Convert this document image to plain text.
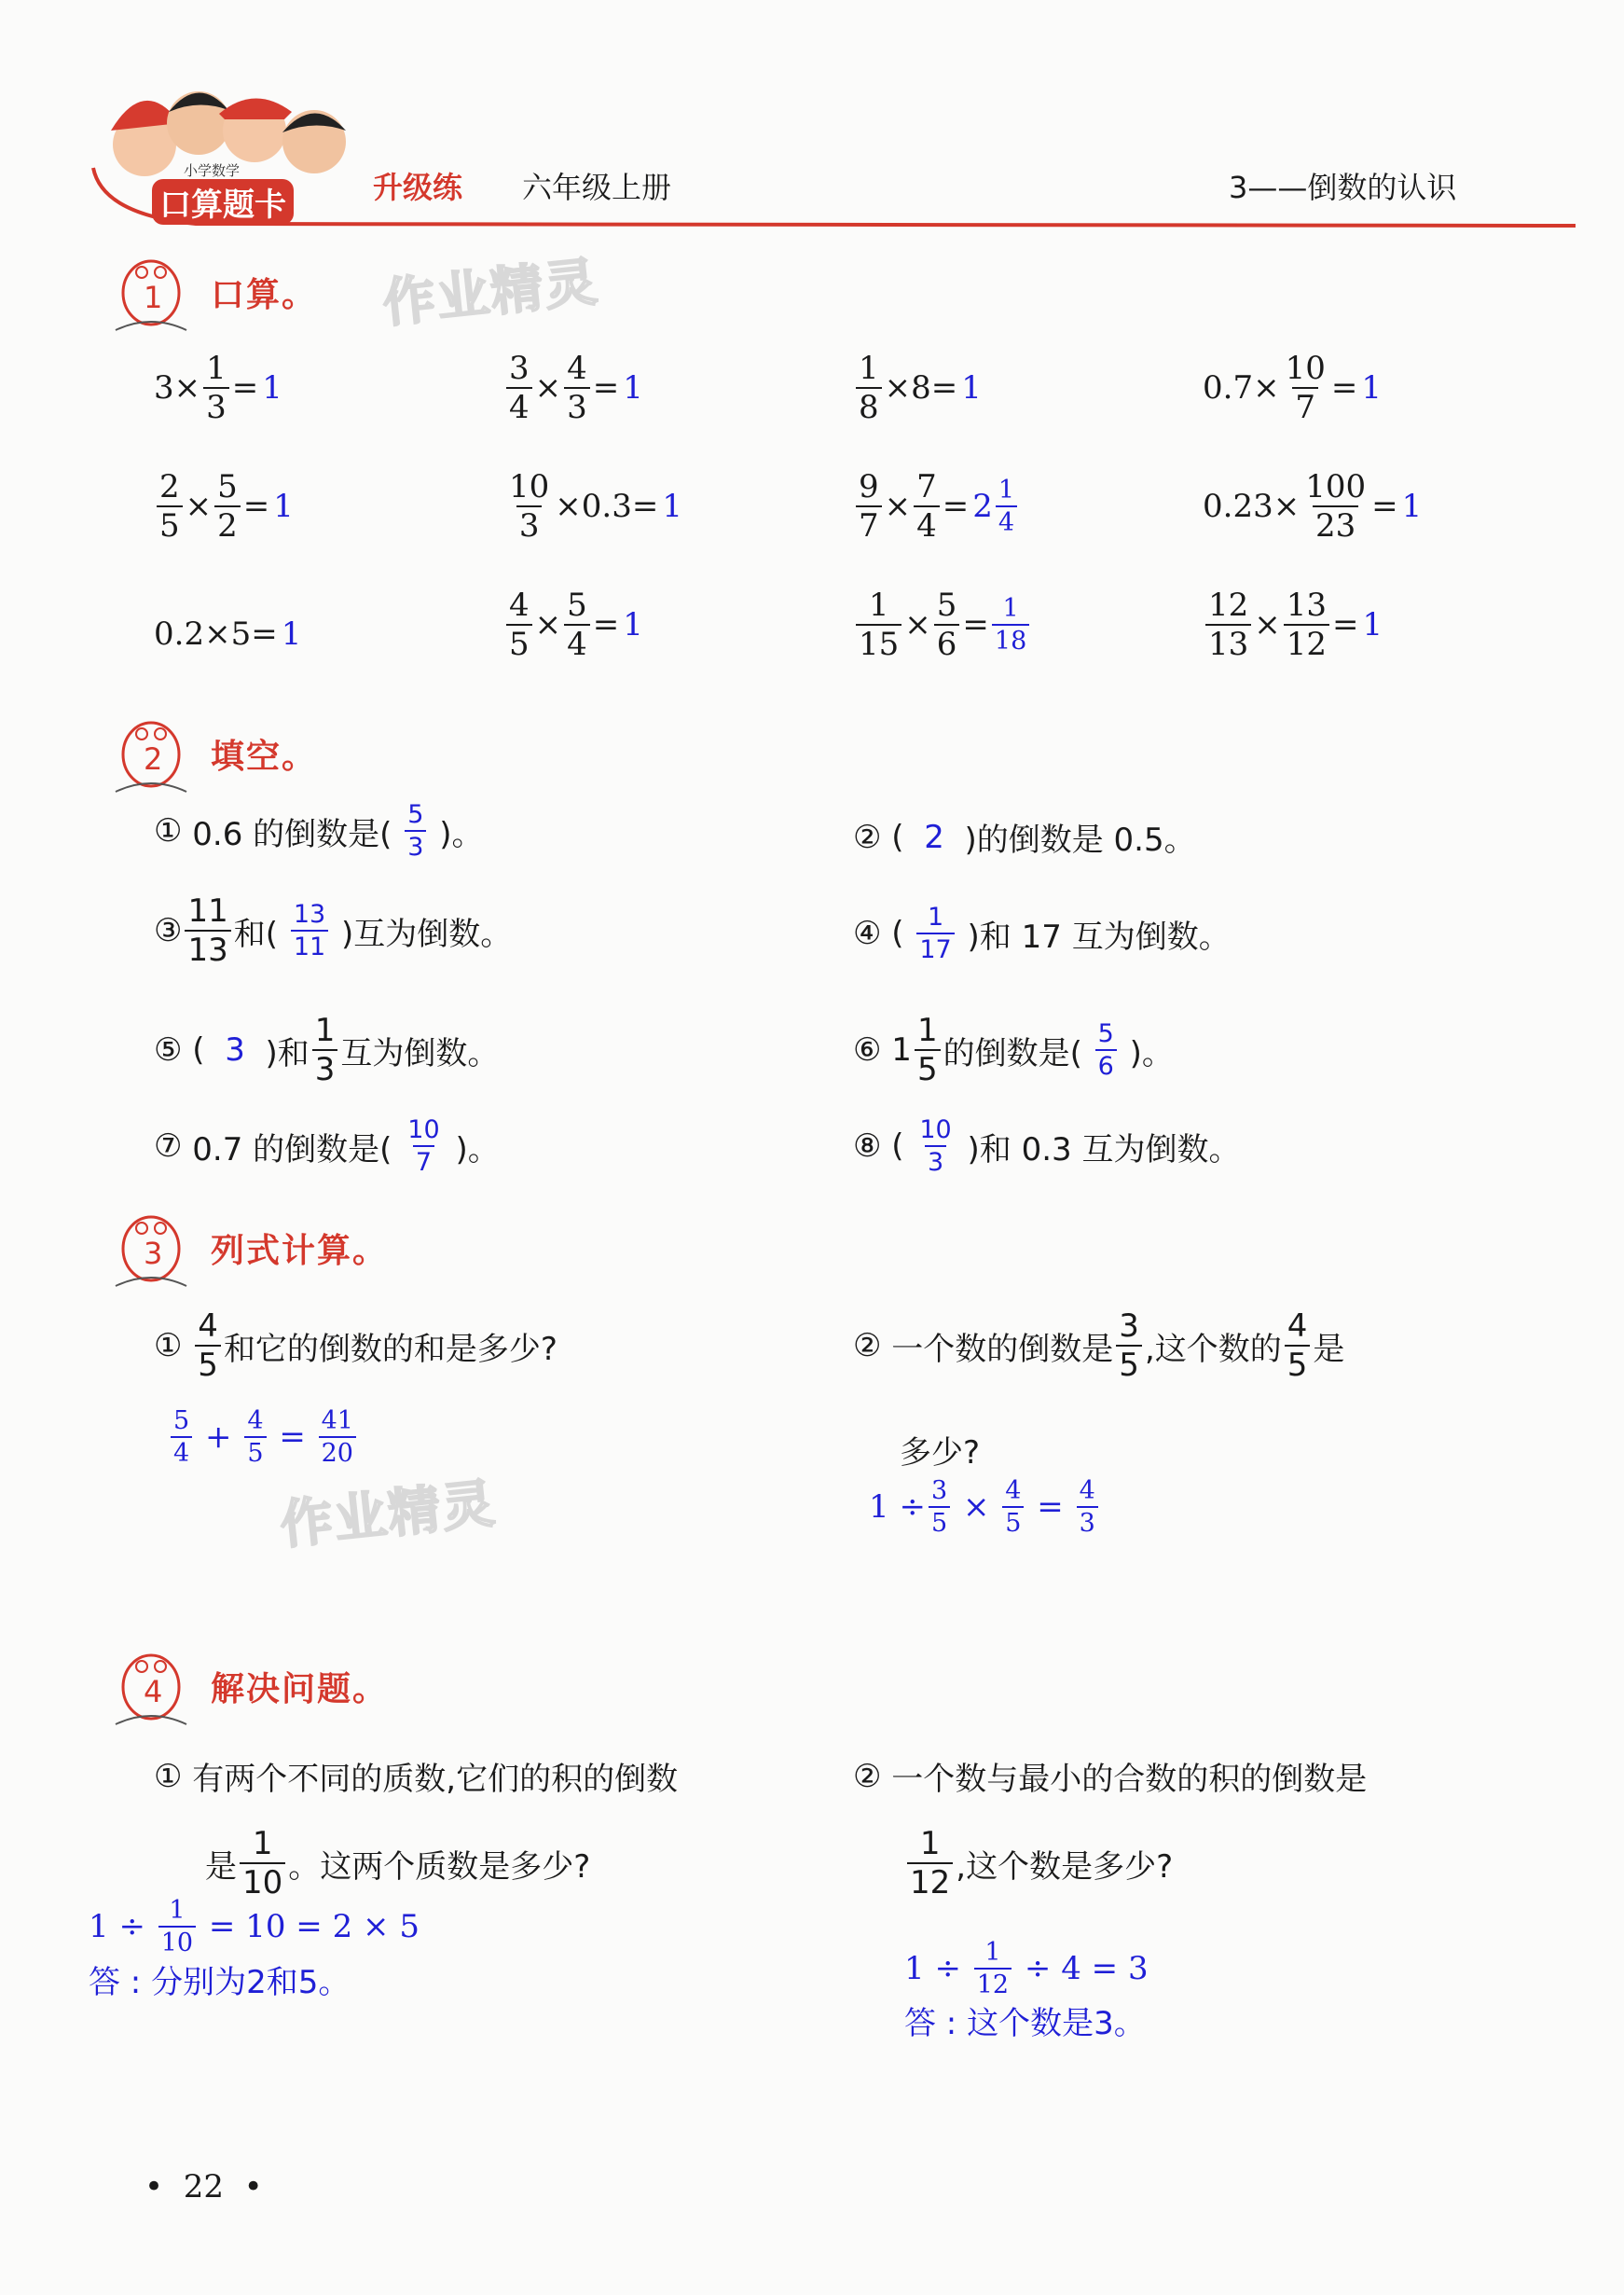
小学数学
口算题卡	升级练 六年级上册	3——倒数的认识
作业精灵
作业精灵
1 口算。
$3 \times \frac{1}{3} = 1$	$\frac{3}{4} \times \frac{4}{3} = 1$	$\frac{1}{8} \times 8 = 1$	$0.7 \times \frac{10}{7} = 1$
$\frac{2}{5} \times \frac{5}{2} = 1$	$\frac{10}{3} \times 0.3 = 1$	$\frac{9}{7} \times \frac{7}{4} = 2 \frac{1}{4}$	$0.23 \times \frac{100}{23} = 1$
0.2 × 5 = 1	$\frac{4}{5} \times \frac{5}{4} = 1$	$\frac{1}{15} \times \frac{5}{6} = \frac{1}{18}$	$\frac{12}{13} \times \frac{13}{12} = 1$
2 填空。
①
0.6 的倒数是(
$\frac{5}{3}$
)。	②
(
2
)的倒数是 0.5。
③ $\frac{11}{13}$ 和(
$\frac{13}{11}$
)互为倒数。	④
(
$\frac{1}{17}$
)和 17 互为倒数。
⑤
(
3
)和 $\frac{1}{3}$ 互为倒数。	⑥
$1 \frac{1}{5}$ 的倒数是(
$\frac{5}{6}$
)。
⑦
0.7 的倒数是(
$\frac{10}{7}$
)。	⑧
(
$\frac{10}{3}$
)和 0.3 互为倒数。
3 列式计算。
①
$\frac{4}{5}$ 和它的倒数的和是多少?
$\frac{5}{4}$
+
$\frac{4}{5}$
=
$\frac{41}{20}$
②
一个数的倒数是 $\frac{3}{5}$ ,这个数的 $\frac{4}{5}$ 是
多少?
1
÷ $\frac{3}{5}$
×
$\frac{4}{5}$
=
$\frac{4}{3}$
4 解决问题。
①
有两个不同的质数,它们的积的倒数
是 $\frac{1}{10}$ 。这两个质数是多少?
1 ÷
$\frac{1}{10}$
= 10 = 2 × 5
答 : 分别为2和5。
②
一个数与最小的合数的积的倒数是
$\frac{1}{12}$ ,这个数是多少?
1 ÷
$\frac{1}{12}$
÷ 4 = 3
答 : 这个数是3。
• 22 •
